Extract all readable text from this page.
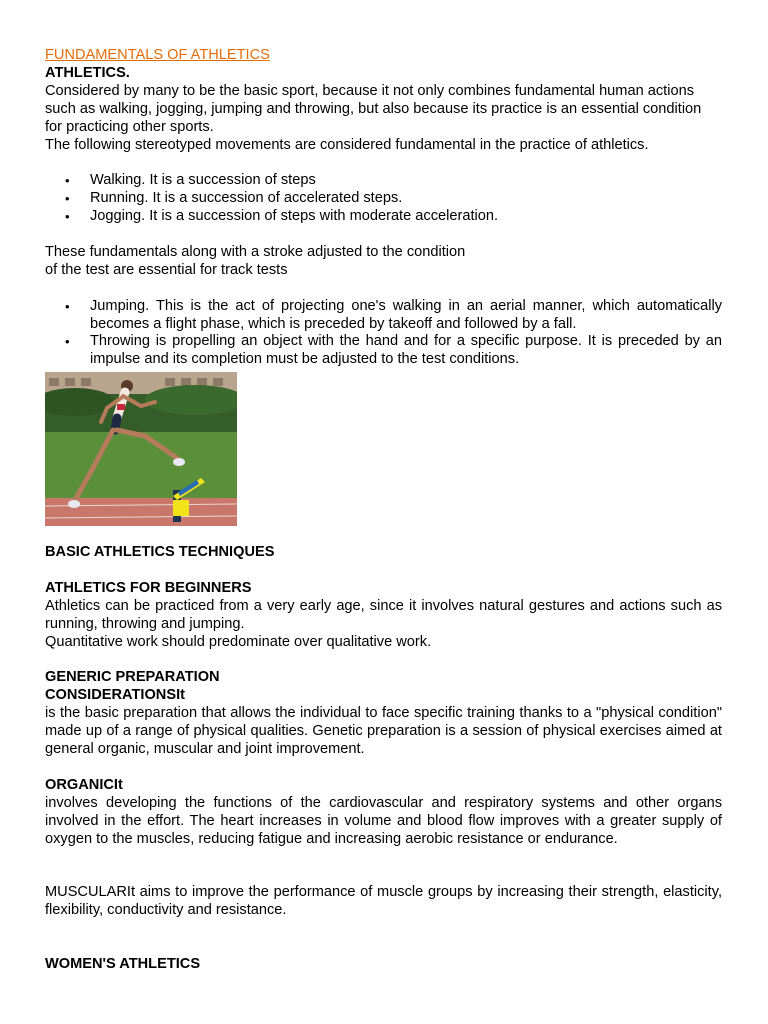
FUNDAMENTALS OF ATHLETICS

ATHLETICS.

Considered by many to be the basic sport, because it not only combines fundamental human actions such as walking, jogging, jumping and throwing, but also because its practice is an essential condition for practicing other sports.

The following stereotyped movements are considered fundamental in the practice of athletics.

• Walking. It is a succession of steps
• Running. It is a succession of accelerated steps.
• Jogging. It is a succession of steps with moderate acceleration.

These fundamentals along with a stroke adjusted to the condition

of the test are essential for track tests

• Jumping. This is the act of projecting one's walking in an aerial manner, which automatically becomes a flight phase, which is preceded by takeoff and followed by a fall.
• Throwing is propelling an object with the hand and for a specific purpose. It is preceded by an impulse and its completion must be adjusted to the test conditions.

BASIC ATHLETICS TECHNIQUES

ATHLETICS FOR BEGINNERS

Athletics can be practiced from a very early age, since it involves natural gestures and actions such as running, throwing and jumping.

Quantitative work should predominate over qualitative work.

GENERIC PREPARATION

CONSIDERATIONSIt

is the basic preparation that allows the individual to face specific training thanks to a "physical condition" made up of a range of physical qualities. Genetic preparation is a session of physical exercises aimed at general organic, muscular and joint improvement.

ORGANICIt

involves developing the functions of the cardiovascular and respiratory systems and other organs involved in the effort. The heart increases in volume and blood flow improves with a greater supply of oxygen to the muscles, reducing fatigue and increasing aerobic resistance or endurance.

MUSCULARIt aims to improve the performance of muscle groups by increasing their strength, elasticity, flexibility, conductivity and resistance.

WOMEN'S ATHLETICS
